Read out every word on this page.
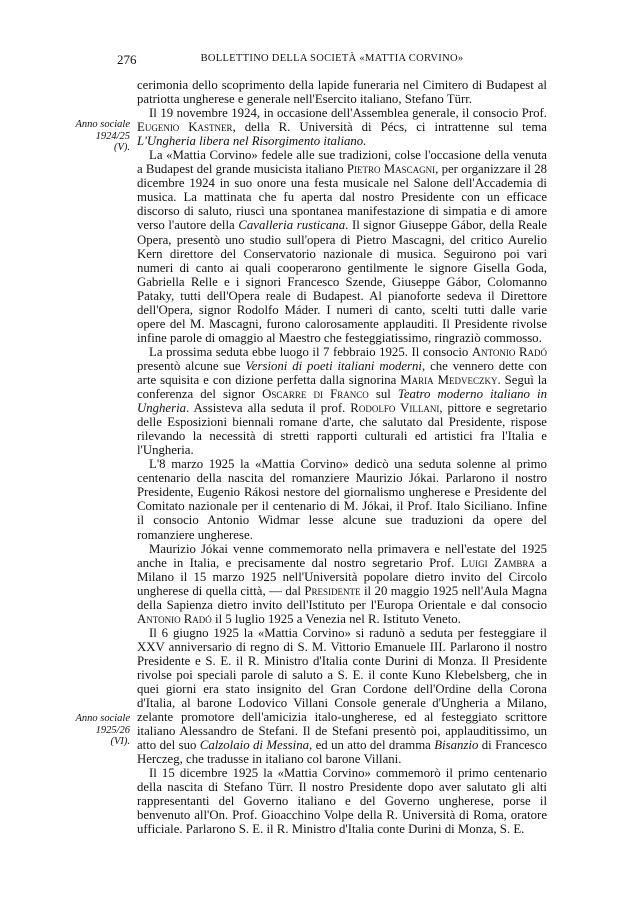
276	BOLLETTINO DELLA SOCIETÀ «MATTIA CORVINO»
Anno sociale
1924/25
(V).
Anno sociale
1925/26
(VI).

cerimonia dello scoprimento della lapide funeraria nel Cimitero di Budapest al patriotta ungherese e generale nell'Esercito italiano, Stefano Türr.

Il 19 novembre 1924, in occasione dell'Assemblea generale, il consocio Prof. Eugenio Kastner, della R. Università di Pécs, ci intrattenne sul tema L'Ungheria libera nel Risorgimento italiano.

La «Mattia Corvino» fedele alle sue tradizioni, colse l'occasione della venuta a Budapest del grande musicista italiano Pietro Mascagni, per organizzare il 28 dicembre 1924 in suo onore una festa musicale nel Salone dell'Accademia di musica. La mattinata che fu aperta dal nostro Presidente con un efficace discorso di saluto, riuscì una spontanea manifestazione di simpatia e di amore verso l'autore della Cavalleria rusticana. Il signor Giuseppe Gábor, della Reale Opera, presentò uno studio sull'opera di Pietro Mascagni, del critico Aurelio Kern direttore del Conservatorio nazionale di musica. Seguirono poi vari numeri di canto ai quali cooperarono gentilmente le signore Gisella Goda, Gabriella Relle e i signori Francesco Szende, Giuseppe Gábor, Colomanno Pataky, tutti dell'Opera reale di Budapest. Al pianoforte sedeva il Direttore dell'Opera, signor Rodolfo Máder. I numeri di canto, scelti tutti dalle varie opere del M. Mascagni, furono calorosamente applauditi. Il Presidente rivolse infine parole di omaggio al Maestro che festeggiatissimo, ringraziò commosso.

La prossima seduta ebbe luogo il 7 febbraio 1925. Il consocio Antonio Radó presentò alcune sue Versioni di poeti italiani moderni, che vennero dette con arte squisita e con dizione perfetta dalla signorina Maria Medveczky. Seguì la conferenza del signor Oscarre di Franco sul Teatro moderno italiano in Ungheria. Assisteva alla seduta il prof. Rodolfo Villani, pittore e segretario delle Esposizioni biennali romane d'arte, che salutato dal Presidente, rispose rilevando la necessità di stretti rapporti culturali ed artistici fra l'Italia e l'Ungheria.

L'8 marzo 1925 la «Mattia Corvino» dedicò una seduta solenne al primo centenario della nascita del romanziere Maurizio Jókai. Parlarono il nostro Presidente, Eugenio Rákosi nestore del giornalismo ungherese e Presidente del Comitato nazionale per il centenario di M. Jókai, il Prof. Italo Siciliano. Infine il consocio Antonio Widmar lesse alcune sue traduzioni da opere del romanziere ungherese.

Maurizio Jókai venne commemorato nella primavera e nell'estate del 1925 anche in Italia, e precisamente dal nostro segretario Prof. Luigi Zambra a Milano il 15 marzo 1925 nell'Università popolare dietro invito del Circolo ungherese di quella città, — dal Presidente il 20 maggio 1925 nell'Aula Magna della Sapienza dietro invito dell'Istituto per l'Europa Orientale e dal consocio Antonio Radó il 5 luglio 1925 a Venezia nel R. Istituto Veneto.

Il 6 giugno 1925 la «Mattia Corvino» si radunò a seduta per festeggiare il XXV anniversario di regno di S. M. Vittorio Emanuele III. Parlarono il nostro Presidente e S. E. il R. Ministro d'Italia conte Durini di Monza. Il Presidente rivolse poi speciali parole di saluto a S. E. il conte Kuno Klebelsberg, che in quei giorni era stato insignito del Gran Cordone dell'Ordine della Corona d'Italia, al barone Lodovico Villani Console generale d'Ungheria a Milano, zelante promotore dell'amicizia italo-ungherese, ed al festeggiato scrittore italiano Alessandro de Stefani. Il de Stefani presentò poi, applauditissimo, un atto del suo Calzolaio di Messina, ed un atto del dramma Bisanzio di Francesco Herczeg, che tradusse in italiano col barone Villani.

Il 15 dicembre 1925 la «Mattia Corvino» commemorò il primo centenario della nascita di Stefano Türr. Il nostro Presidente dopo aver salutato gli alti rappresentanti del Governo italiano e del Governo ungherese, porse il benvenuto all'On. Prof. Gioacchino Volpe della R. Università di Roma, oratore ufficiale. Parlarono S. E. il R. Ministro d'Italia conte Durini di Monza, S. E.
